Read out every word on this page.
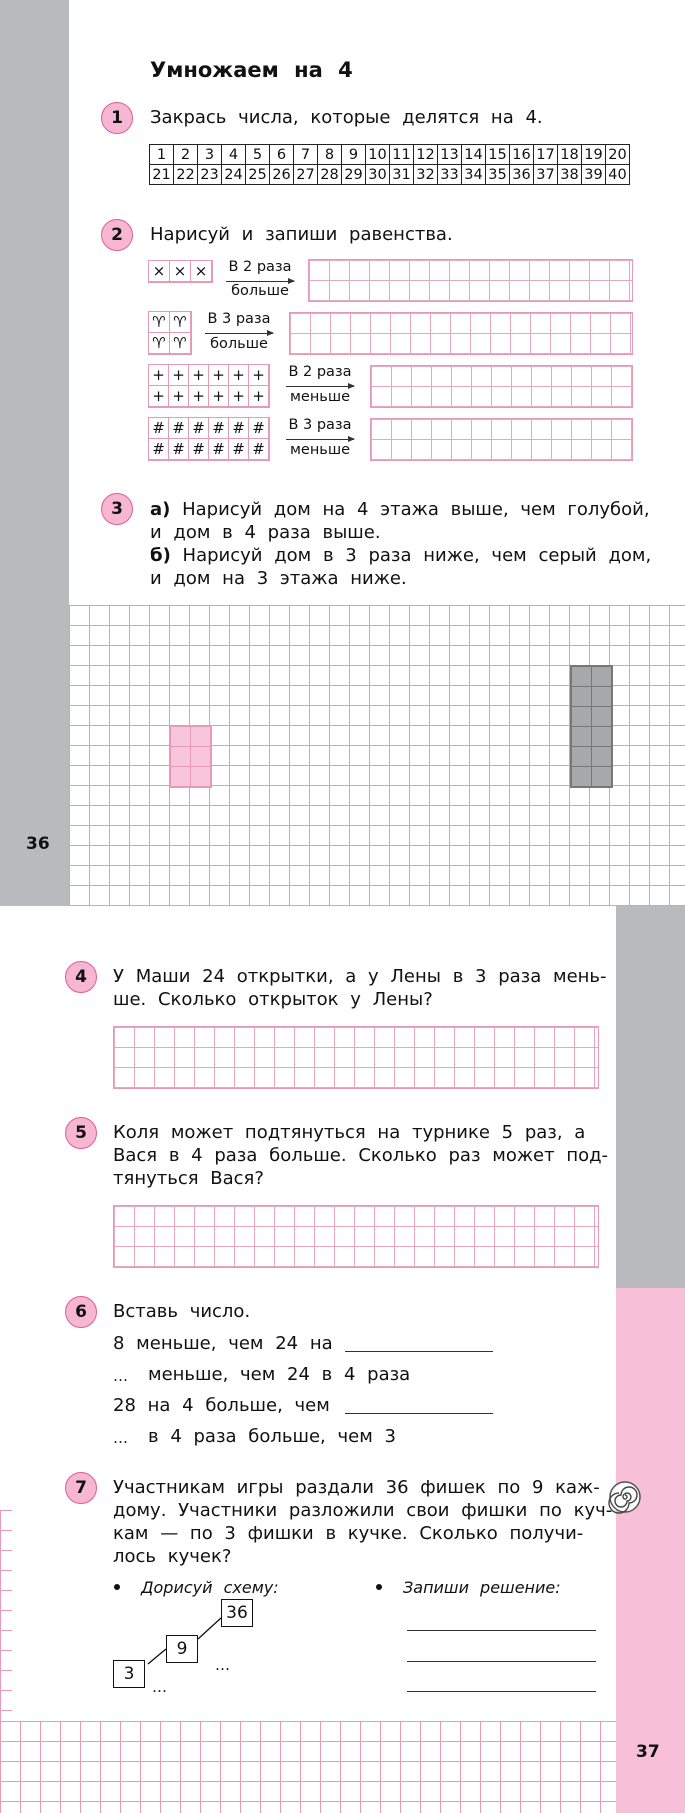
Умножаем на 4
1	Закрась числа, которые делятся на 4.
1	2	3	4	5	6	7	8	9	10	11	12	13	14	15	16	17	18	19	20
21	22	23	24	25	26	27	28	29	30	31	32	33	34	35	36	37	38	39	40
2	Нарисуй и запиши равенства.
× × ×	В 2 раза
больше
♈ ♈
♈ ♈
В 3 раза
больше
+ + + + + +
+ + + + + +
В 2 раза
меньше
# # # # # #
# # # # # #
В 3 раза
меньше
3	а) Нарисуй дом на 4 этажа выше, чем голубой,
и дом в 4 раза выше.
б) Нарисуй дом в 3 раза ниже, чем серый дом,
и дом на 3 этажа ниже.
36
4	У Маши 24 открытки, а у Лены в 3 раза мень-
ше. Сколько открыток у Лены?
5	Коля может подтянуться на турнике 5 раз, а
Вася в 4 раза больше. Сколько раз может под-
тянуться Вася?
6	Вставь число.
8 меньше, чем 24 на
… меньше, чем 24 в 4 раза
28 на 4 больше, чем
… в 4 раза больше, чем 3
7	Участникам игры раздали 36 фишек по 9 каж-
дому. Участники разложили свои фишки по куч-
кам — по 3 фишки в кучке. Сколько получи-
лось кучек?
Дорисуй схему:	Запиши решение:
36
9
3	…
…
37
